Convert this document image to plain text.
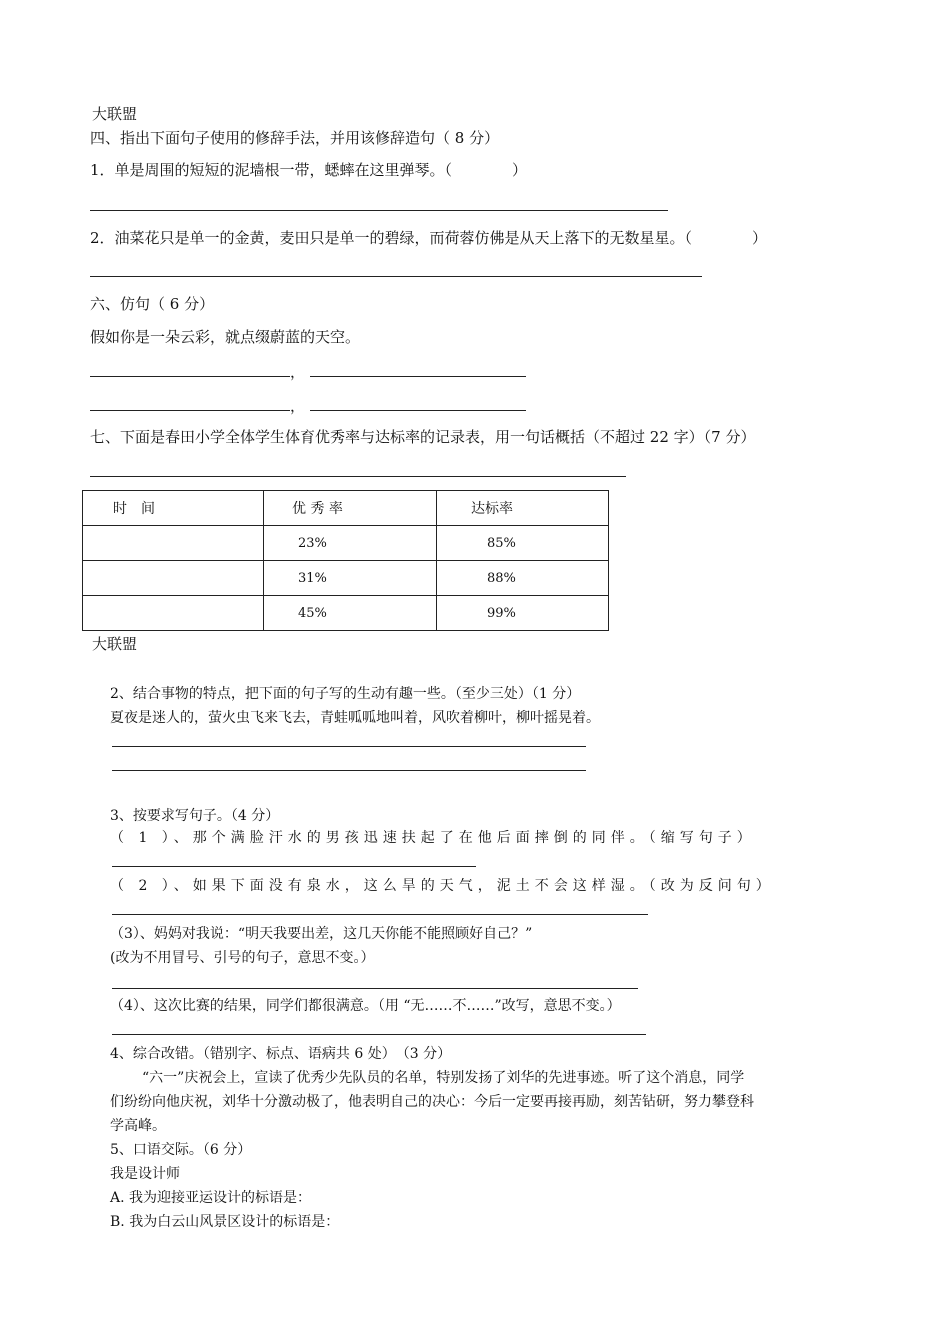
大联盟
四、指出下面句子使用的修辞手法，并用该修辞造句（ 8 分）
1．单是周围的短短的泥墙根一带，蟋蟀在这里弹琴。（　　　　）
2．油菜花只是单一的金黄，麦田只是单一的碧绿，而荷蓉仿佛是从天上落下的无数星星。（　　　　）
六、仿句（ 6 分）
假如你是一朵云彩，就点缀蔚蓝的天空。
，
，
七、下面是春田小学全体学生体育优秀率与达标率的记录表，用一句话概括（不超过 22 字）（7 分）
时　间	优 秀 率	达标率
	23%	85%
	31%	88%
	45%	99%
大联盟
2、结合事物的特点，把下面的句子写的生动有趣一些。（至少三处）（1 分）
夏夜是迷人的，萤火虫飞来飞去，青蛙呱呱地叫着，风吹着柳叶，柳叶摇晃着。
3、按要求写句子。（4 分）
（ 1 ）、那个满脸汗水的男孩迅速扶起了在他后面摔倒的同伴。（缩写句子）
（ 2 ）、如果下面没有泉水，这么旱的天气，泥土不会这样湿。（改为反问句）
（3）、妈妈对我说：“明天我要出差，这几天你能不能照顾好自己？”
(改为不用冒号、引号的句子，意思不变。）
（4）、这次比赛的结果，同学们都很满意。（用 “无……不……”改写，意思不变。）
4、综合改错。（错别字、标点、语病共 6 处）　（3 分）
“六一”庆祝会上，宣读了优秀少先队员的名单，特别发扬了刘华的先进事迹。听了这个消息，同学
们纷纷向他庆祝，刘华十分激动极了，他表明自己的决心：今后一定要再接再励，刻苦钻研，努力攀登科
学高峰。
5、口语交际。（6 分）
我是设计师
A. 我为迎接亚运设计的标语是：
B. 我为白云山风景区设计的标语是：
